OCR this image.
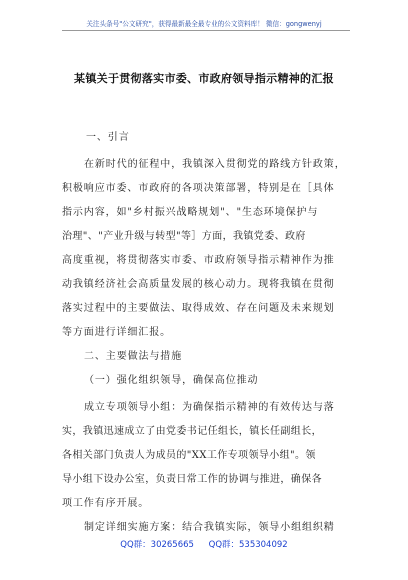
关注头条号"公文研究"，获得最新最全最专业的公文资料库！ 微信：gongwenyj
某镇关于贯彻落实市委、市政府领导指示精神的汇报
一、引言
在新时代的征程中，我镇深入贯彻党的路线方针政策，
积极响应市委、市政府的各项决策部署，特别是在［具体
指示内容，如"乡村振兴战略规划"、"生态环境保护与
治理"、"产业升级与转型"等］方面，我镇党委、政府
高度重视，将贯彻落实市委、市政府领导指示精神作为推
动我镇经济社会高质量发展的核心动力。现将我镇在贯彻
落实过程中的主要做法、取得成效、存在问题及未来规划
等方面进行详细汇报。
二、主要做法与措施
（一）强化组织领导，确保高位推动
成立专项领导小组：为确保指示精神的有效传达与落
实，我镇迅速成立了由党委书记任组长，镇长任副组长，
各相关部门负责人为成员的"XX工作专项领导小组"。领
导小组下设办公室，负责日常工作的协调与推进，确保各
项工作有序开展。
制定详细实施方案：结合我镇实际，领导小组组织精
QQ群：30265665 QQ群：535304092
